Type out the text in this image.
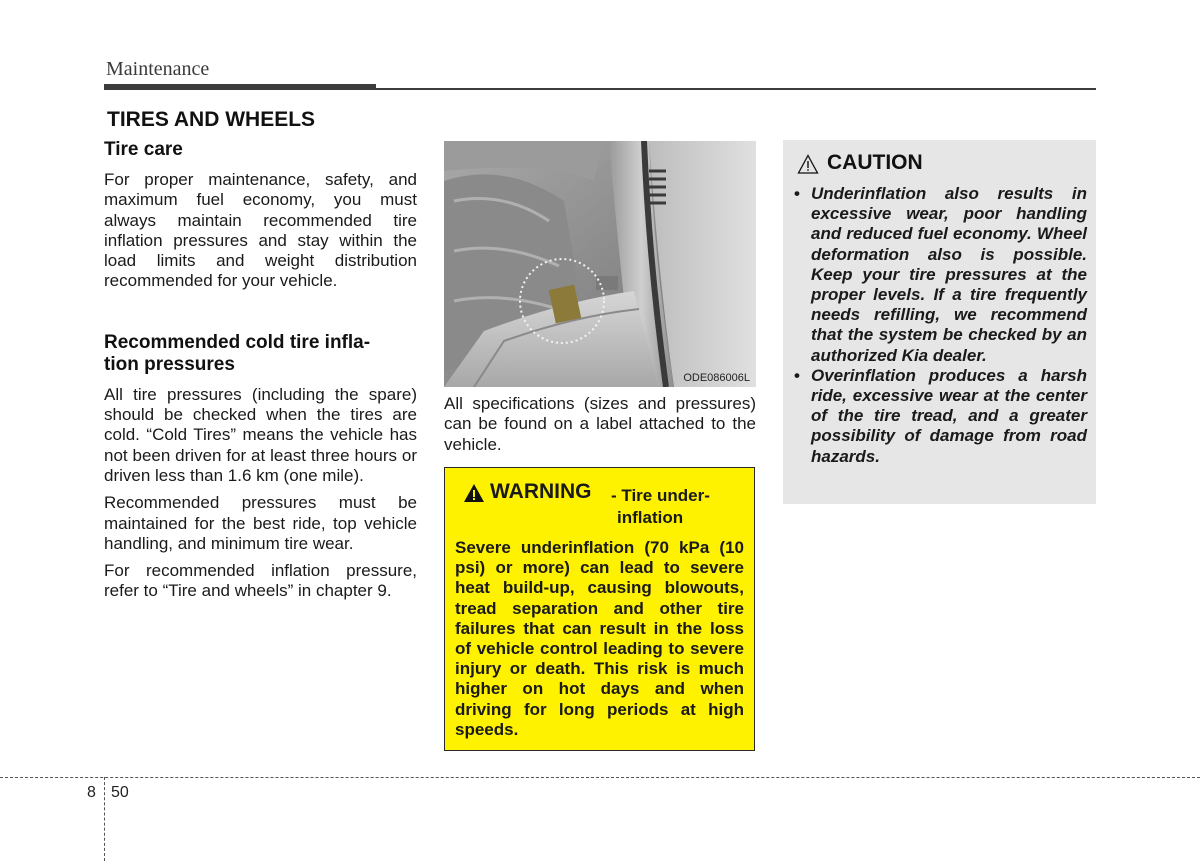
Maintenance
TIRES AND WHEELS
Tire care

For proper maintenance, safety, and maximum fuel economy, you must always maintain recommended tire inflation pressures and stay within the load limits and weight distribution recommended for your vehicle.

Recommended cold tire infla-
tion pressures

All tire pressures (including the spare) should be checked when the tires are cold. “Cold Tires” means the vehicle has not been driven for at least three hours or driven less than 1.6 km (one mile).

Recommended pressures must be maintained for the best ride, top vehicle handling, and minimum tire wear.

For recommended inflation pressure, refer to “Tire and wheels” in chapter 9.

ODE086006L
All specifications (sizes and pressures) can be found on a label attached to the vehicle.
WARNING - Tire under-
inflation
Severe underinflation (70 kPa (10 psi) or more) can lead to severe heat build-up, causing blowouts, tread separation and other tire failures that can result in the loss of vehicle control leading to severe injury or death. This risk is much higher on hot days and when driving for long periods at high speeds.
CAUTION
• Underinflation also results in excessive wear, poor handling and reduced fuel economy. Wheel deformation also is possible. Keep your tire pressures at the proper levels. If a tire frequently needs refilling, we recommend that the system be checked by an authorized Kia dealer.
• Overinflation produces a harsh ride, excessive wear at the center of the tire tread, and a greater possibility of damage from road hazards.
8 50
